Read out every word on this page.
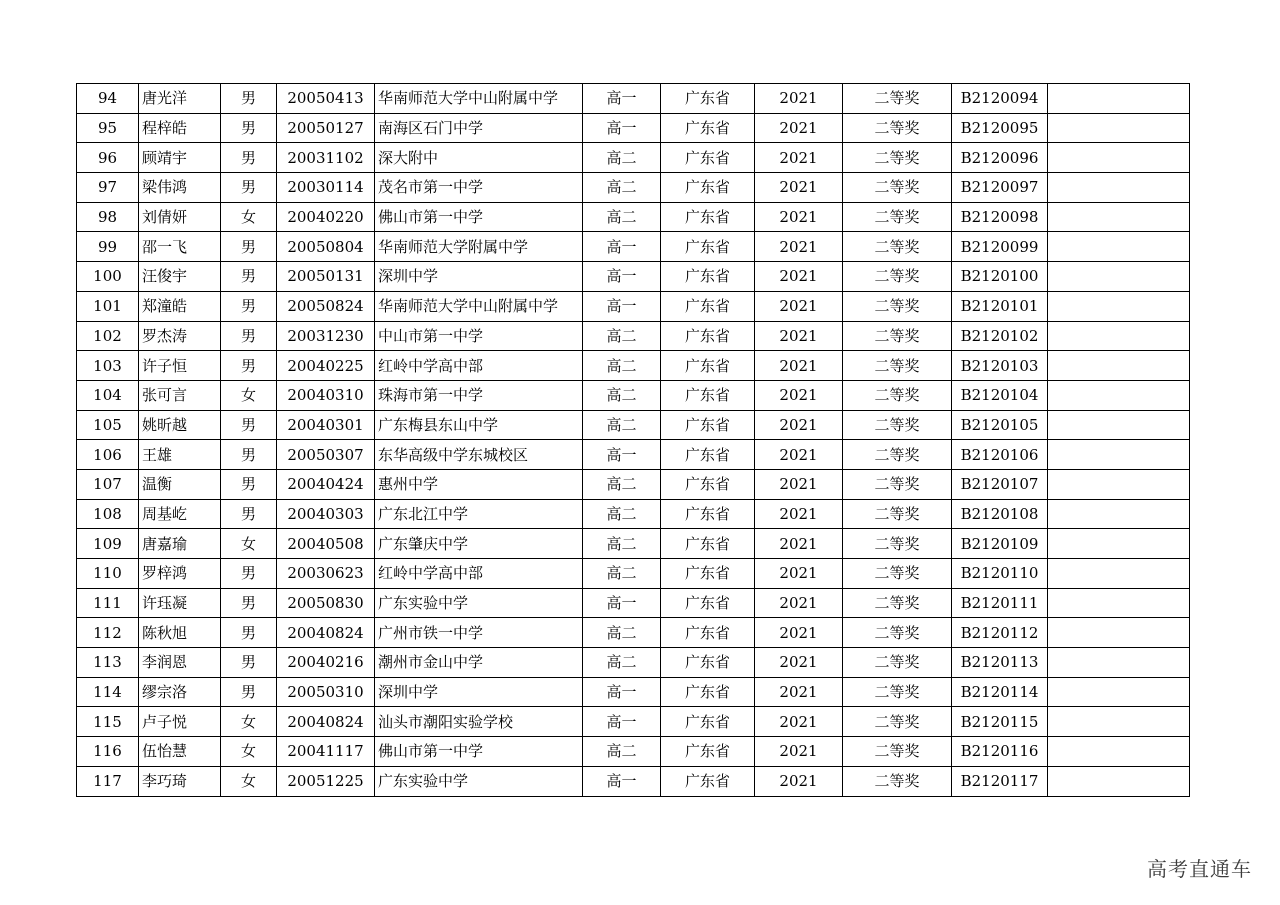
94	唐光洋	男	20050413	华南师范大学中山附属中学	高一	广东省	2021	二等奖	B2120094	
95	程梓皓	男	20050127	南海区石门中学	高一	广东省	2021	二等奖	B2120095	
96	顾靖宇	男	20031102	深大附中	高二	广东省	2021	二等奖	B2120096	
97	梁伟鸿	男	20030114	茂名市第一中学	高二	广东省	2021	二等奖	B2120097	
98	刘倩妍	女	20040220	佛山市第一中学	高二	广东省	2021	二等奖	B2120098	
99	邵一飞	男	20050804	华南师范大学附属中学	高一	广东省	2021	二等奖	B2120099	
100	汪俊宇	男	20050131	深圳中学	高一	广东省	2021	二等奖	B2120100	
101	郑潼皓	男	20050824	华南师范大学中山附属中学	高一	广东省	2021	二等奖	B2120101	
102	罗杰涛	男	20031230	中山市第一中学	高二	广东省	2021	二等奖	B2120102	
103	许子恒	男	20040225	红岭中学高中部	高二	广东省	2021	二等奖	B2120103	
104	张可言	女	20040310	珠海市第一中学	高二	广东省	2021	二等奖	B2120104	
105	姚昕越	男	20040301	广东梅县东山中学	高二	广东省	2021	二等奖	B2120105	
106	王雄	男	20050307	东华高级中学东城校区	高一	广东省	2021	二等奖	B2120106	
107	温衡	男	20040424	惠州中学	高二	广东省	2021	二等奖	B2120107	
108	周基屹	男	20040303	广东北江中学	高二	广东省	2021	二等奖	B2120108	
109	唐嘉瑜	女	20040508	广东肇庆中学	高二	广东省	2021	二等奖	B2120109	
110	罗梓鸿	男	20030623	红岭中学高中部	高二	广东省	2021	二等奖	B2120110	
111	许珏凝	男	20050830	广东实验中学	高一	广东省	2021	二等奖	B2120111	
112	陈秋旭	男	20040824	广州市铁一中学	高二	广东省	2021	二等奖	B2120112	
113	李润恩	男	20040216	潮州市金山中学	高二	广东省	2021	二等奖	B2120113	
114	缪宗洛	男	20050310	深圳中学	高一	广东省	2021	二等奖	B2120114	
115	卢子悦	女	20040824	汕头市潮阳实验学校	高一	广东省	2021	二等奖	B2120115	
116	伍怡慧	女	20041117	佛山市第一中学	高二	广东省	2021	二等奖	B2120116	
117	李巧琦	女	20051225	广东实验中学	高一	广东省	2021	二等奖	B2120117	
高考直通车
